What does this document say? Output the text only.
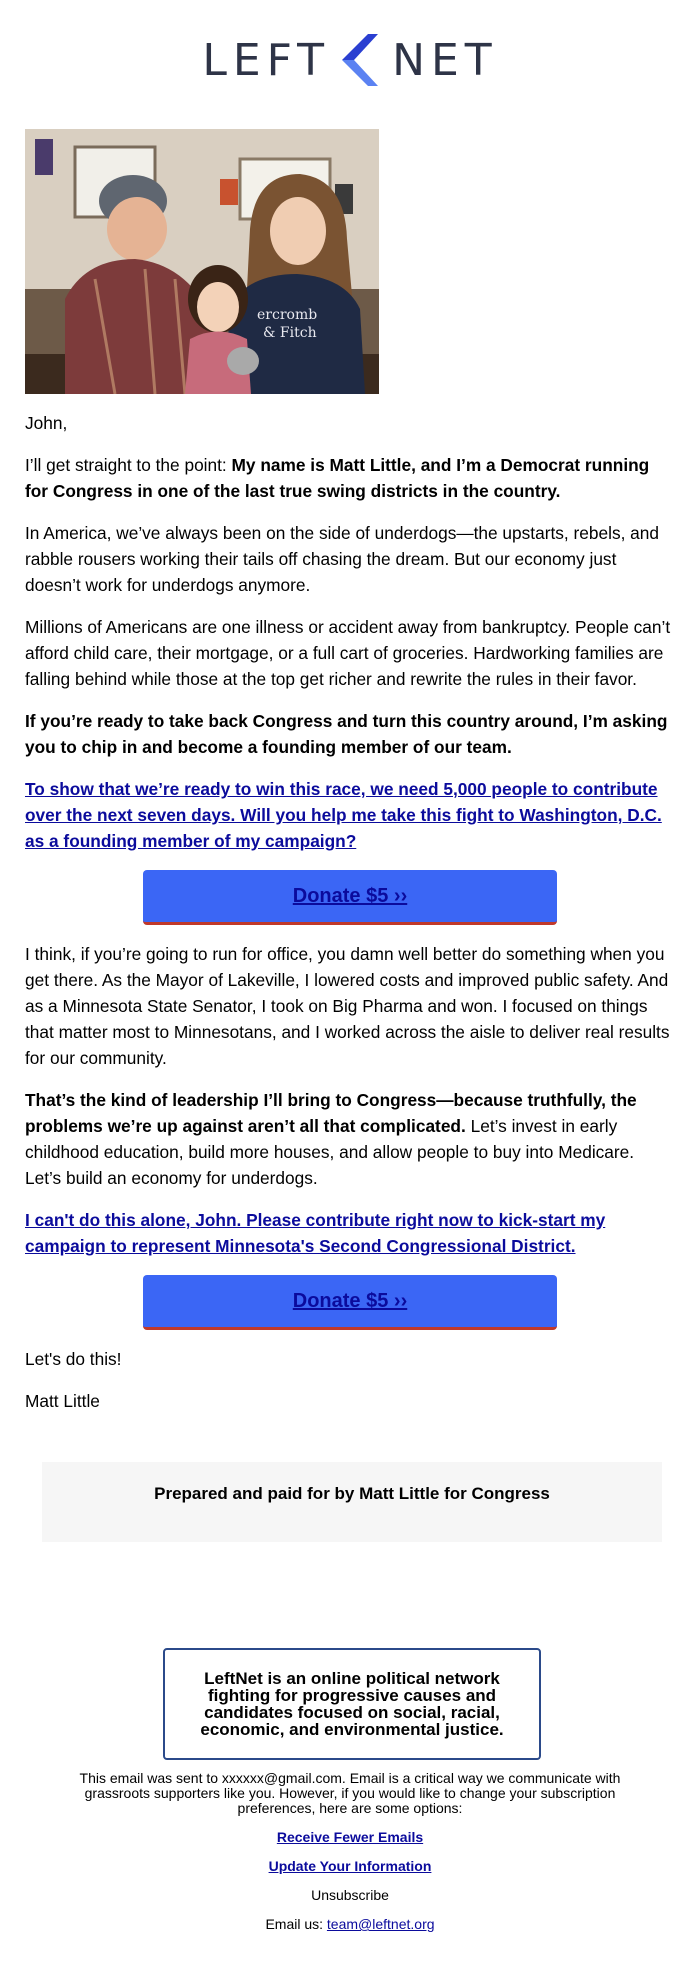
LEFT NET
ercromb
& Fitch

John,

I’ll get straight to the point: My name is Matt Little, and I’m a Democrat running for Congress in one of the last true swing districts in the country.

In America, we’ve always been on the side of underdogs—the upstarts, rebels, and rabble rousers working their tails off chasing the dream. But our economy just doesn’t work for underdogs anymore.

Millions of Americans are one illness or accident away from bankruptcy. People can’t afford child care, their mortgage, or a full cart of groceries. Hardworking families are falling behind while those at the top get richer and rewrite the rules in their favor.

If you’re ready to take back Congress and turn this country around, I’m asking you to chip in and become a founding member of our team.

To show that we’re ready to win this race, we need 5,000 people to contribute over the next seven days. Will you help me take this fight to Washington, D.C. as a founding member of my campaign?

Donate $5 ››

I think, if you’re going to run for office, you damn well better do something when you get there. As the Mayor of Lakeville, I lowered costs and improved public safety. And as a Minnesota State Senator, I took on Big Pharma and won. I focused on things that matter most to Minnesotans, and I worked across the aisle to deliver real results for our community.

That’s the kind of leadership I’ll bring to Congress—because truthfully, the problems we’re up against aren’t all that complicated. Let’s invest in early childhood education, build more houses, and allow people to buy into Medicare. Let’s build an economy for underdogs.

I can't do this alone, John. Please contribute right now to kick-start my campaign to represent Minnesota's Second Congressional District.

Donate $5 ››

Let's do this!

Matt Little

Prepared and paid for by Matt Little for Congress
LeftNet is an online political network fighting for progressive causes and candidates focused on social, racial, economic, and environmental justice.
This email was sent to xxxxxx@gmail.com. Email is a critical way we communicate with grassroots supporters like you. However, if you would like to change your subscription preferences, here are some options:
Receive Fewer Emails
Update Your Information
Unsubscribe
Email us: team@leftnet.org
